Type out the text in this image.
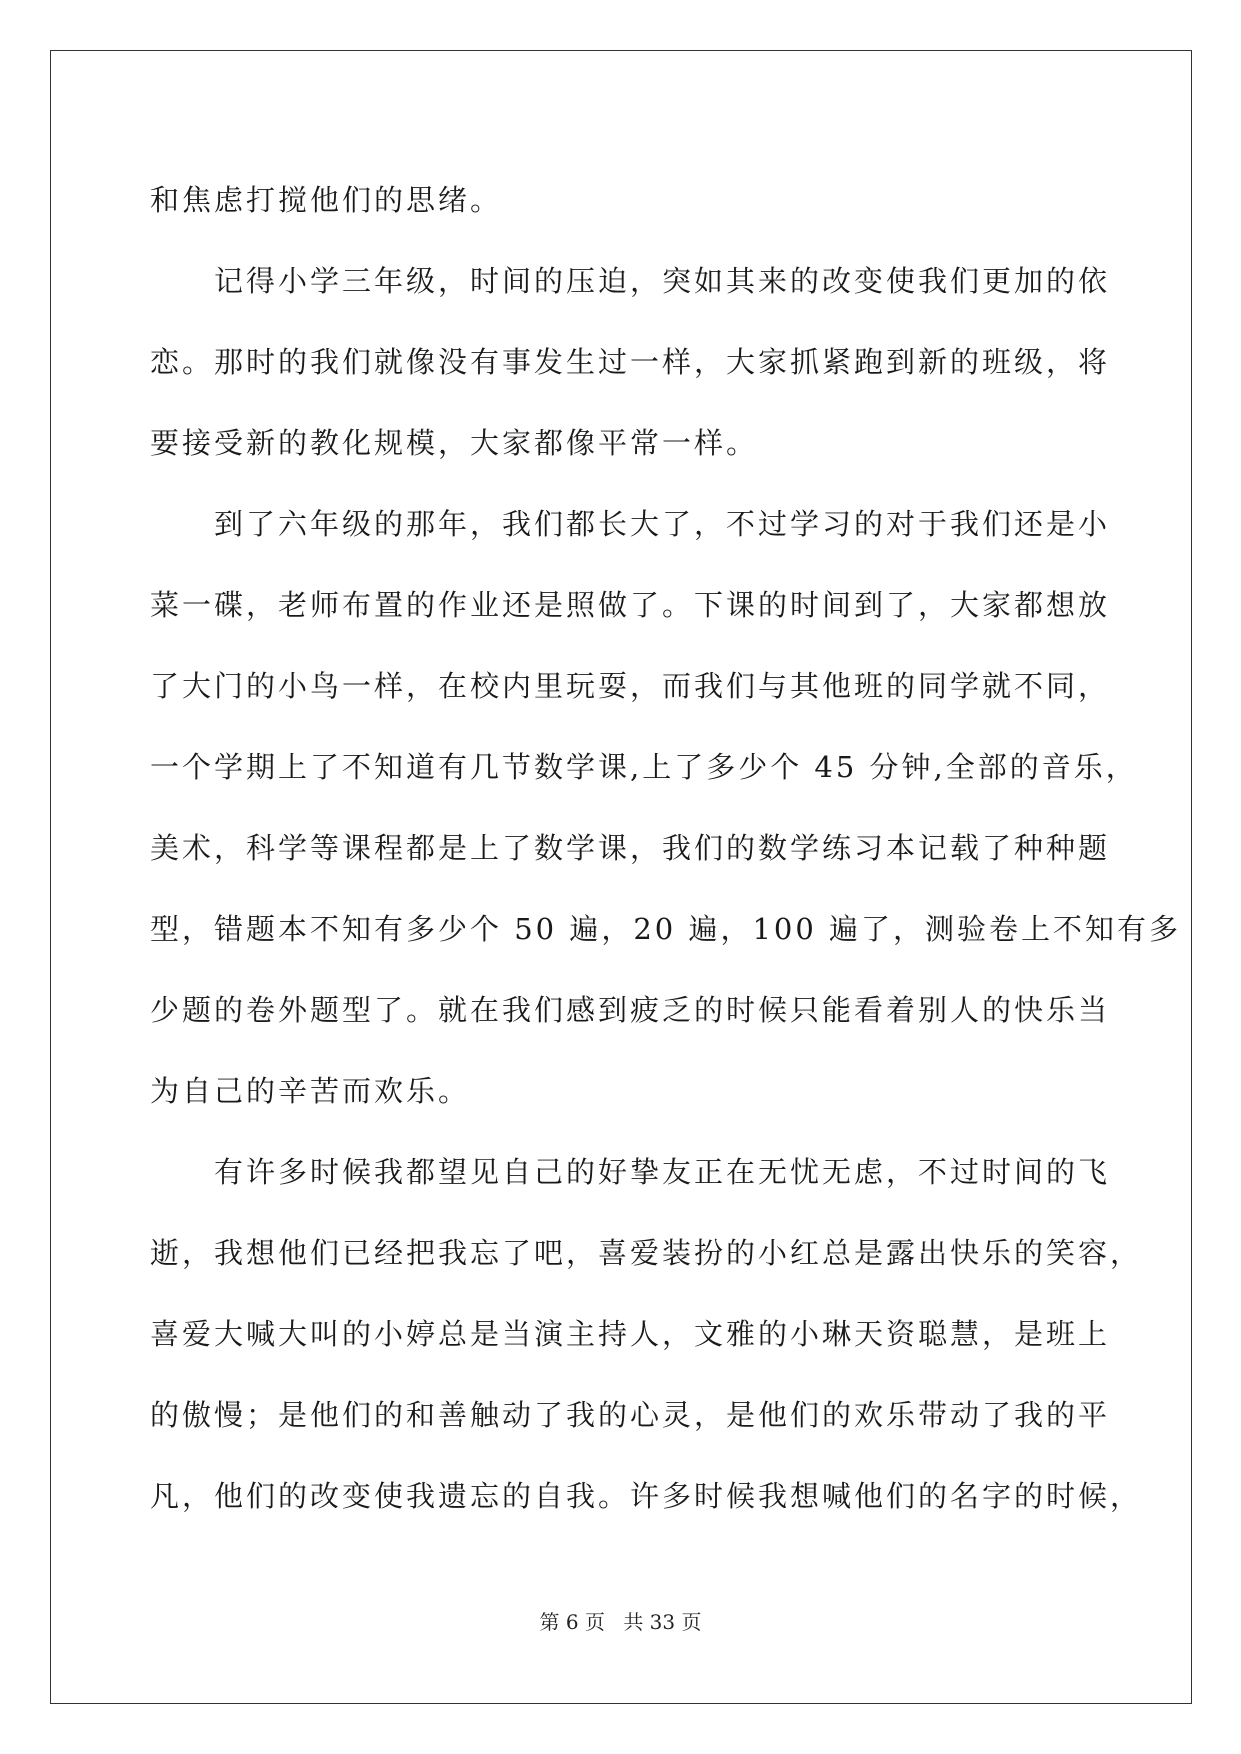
和焦虑打搅他们的思绪。

记得小学三年级，时间的压迫，突如其来的改变使我们更加的依
恋。那时的我们就像没有事发生过一样，大家抓紧跑到新的班级，将
要接受新的教化规模，大家都像平常一样。

到了六年级的那年，我们都长大了，不过学习的对于我们还是小
菜一碟，老师布置的作业还是照做了。下课的时间到了，大家都想放
了大门的小鸟一样，在校内里玩耍，而我们与其他班的同学就不同，
一个学期上了不知道有几节数学课,上了多少个 45 分钟,全部的音乐，
美术，科学等课程都是上了数学课，我们的数学练习本记载了种种题
型，错题本不知有多少个 50 遍，20 遍，100 遍了，测验卷上不知有多
少题的卷外题型了。就在我们感到疲乏的时候只能看着别人的快乐当
为自己的辛苦而欢乐。

有许多时候我都望见自己的好挚友正在无忧无虑，不过时间的飞
逝，我想他们已经把我忘了吧，喜爱装扮的小红总是露出快乐的笑容，
喜爱大喊大叫的小婷总是当演主持人，文雅的小琳天资聪慧，是班上
的傲慢；是他们的和善触动了我的心灵，是他们的欢乐带动了我的平
凡，他们的改变使我遗忘的自我。许多时候我想喊他们的名字的时候，

第 6 页 共 33 页
